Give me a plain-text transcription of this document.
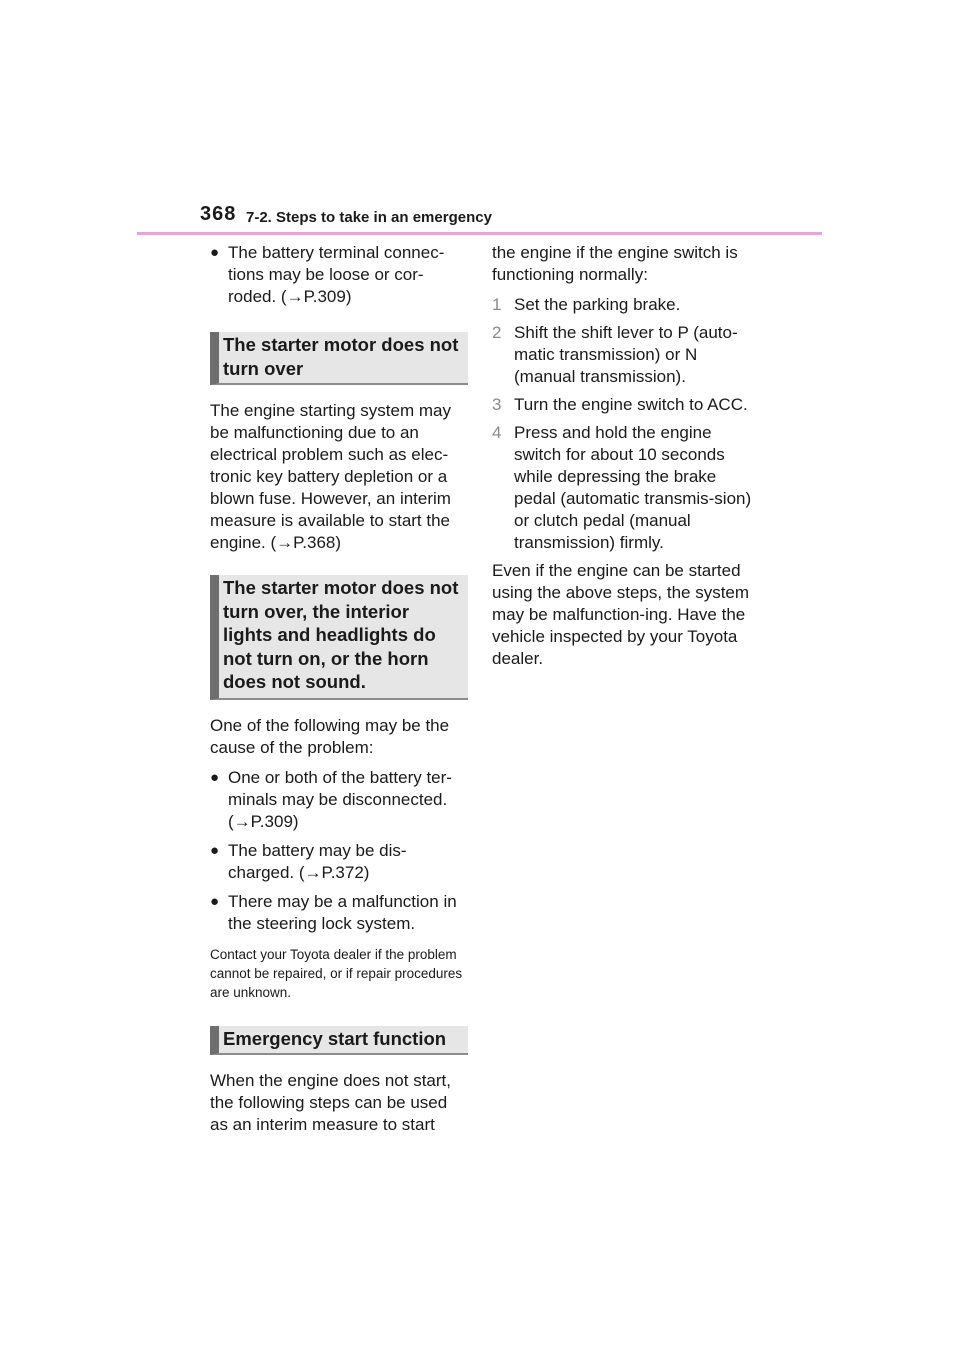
368 7-2. Steps to take in an emergency
● The battery terminal connec-tions may be loose or cor-roded. (→P.309)
The starter motor does not turn over

The engine starting system may be malfunctioning due to an electrical problem such as elec-tronic key battery depletion or a blown fuse. However, an interim measure is available to start the engine. (→P.368)

The starter motor does not turn over, the interior lights and headlights do not turn on, or the horn does not sound.

One of the following may be the cause of the problem:

● One or both of the battery ter-minals may be disconnected. (→P.309)
● The battery may be dis-charged. (→P.372)
● There may be a malfunction in the steering lock system.

Contact your Toyota dealer if the problem cannot be repaired, or if repair procedures are unknown.

Emergency start function

When the engine does not start, the following steps can be used as an interim measure to start

the engine if the engine switch is functioning normally:

1 Set the parking brake.
2 Shift the shift lever to P (auto-matic transmission) or N (manual transmission).
3 Turn the engine switch to ACC.
4 Press and hold the engine switch for about 10 seconds while depressing the brake pedal (automatic transmis-sion) or clutch pedal (manual transmission) firmly.

Even if the engine can be started using the above steps, the system may be malfunction-ing. Have the vehicle inspected by your Toyota dealer.
